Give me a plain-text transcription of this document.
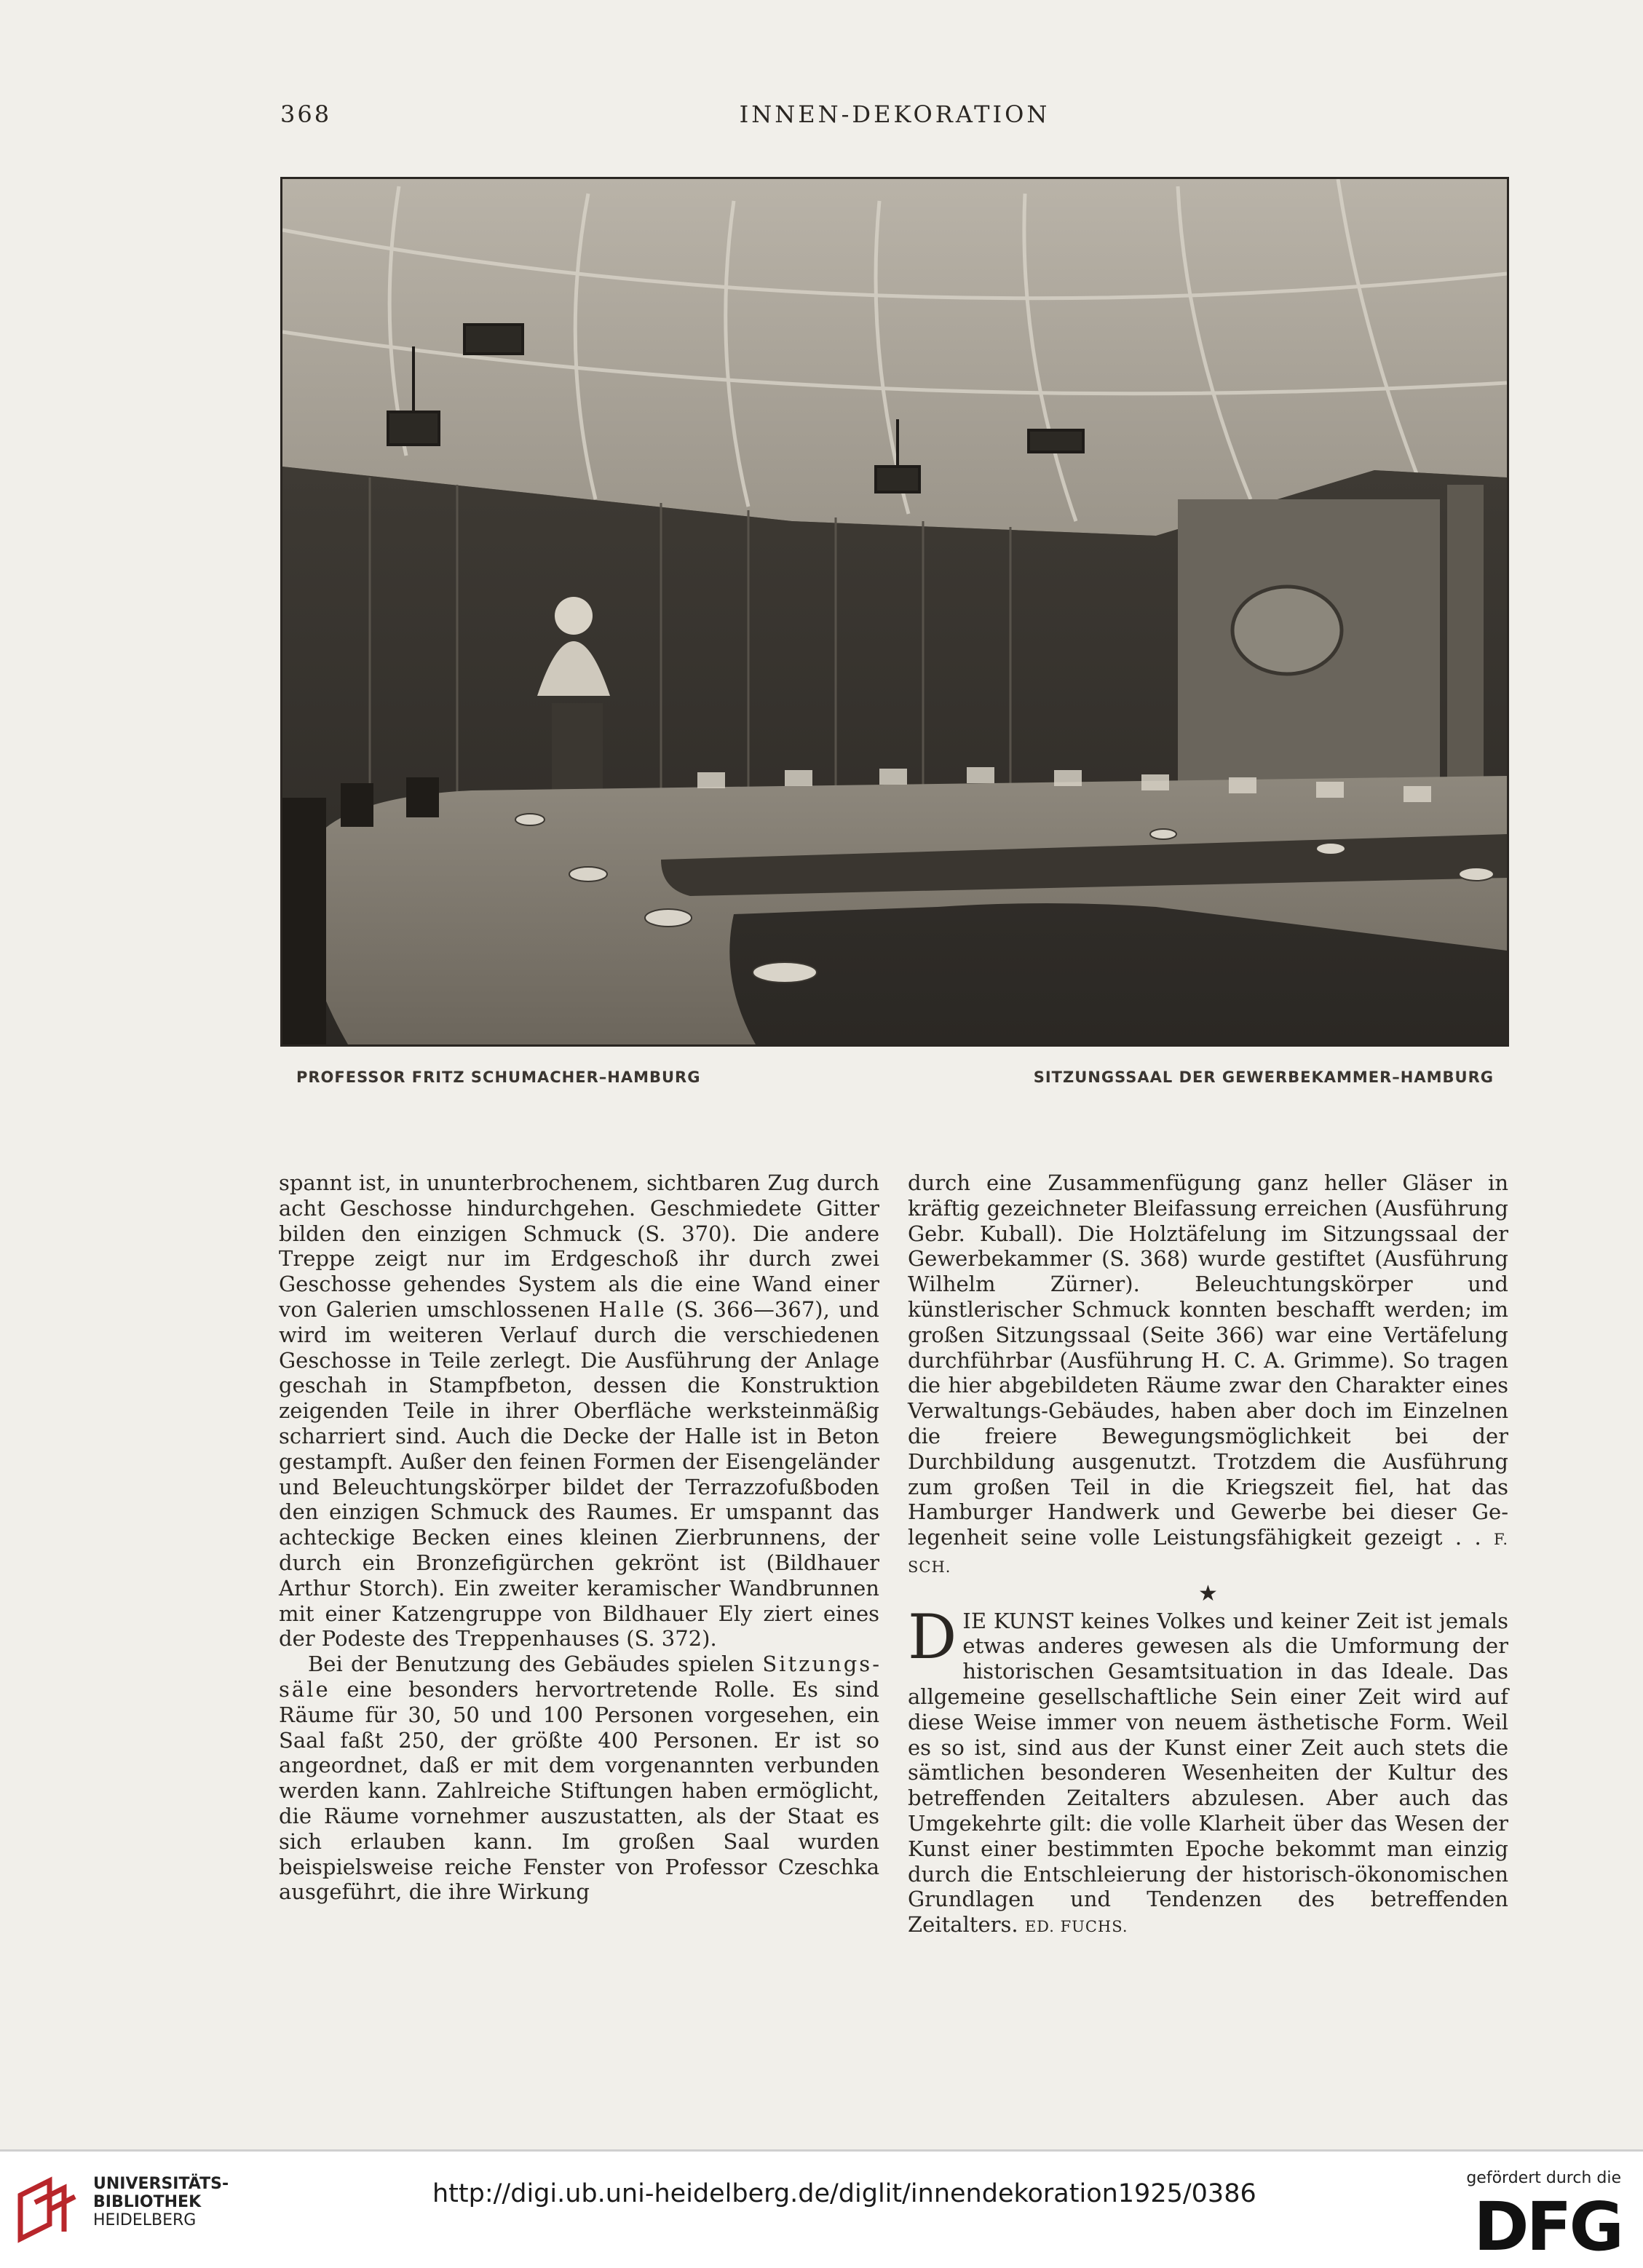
368	INNEN-DEKORATION
PROFESSOR FRITZ SCHUMACHER–HAMBURG	SITZUNGSSAAL DER GEWERBEKAMMER–HAMBURG

spannt ist, in ununterbrochenem, sichtbaren Zug durch acht Geschosse hindurchgehen. Geschmiedete Gitter bilden den einzigen Schmuck (S. 370). Die andere Treppe zeigt nur im Erdgeschoß ihr durch zwei Geschosse gehendes System als die eine Wand einer von Galerien umschlossenen Halle (S. 366—367), und wird im weiteren Verlauf durch die verschiedenen Geschosse in Teile zerlegt. Die Ausführung der Anlage geschah in Stampfbeton, dessen die Konstruktion zeigenden Teile in ihrer Oberfläche werksteinmäßig scharriert sind. Auch die Decke der Halle ist in Beton gestampft. Außer den feinen Formen der Eisengeländer und Beleuchtungskörper bildet der Terrazzofußboden den einzigen Schmuck des Raumes. Er umspannt das achteckige Becken eines kleinen Zierbrunnens, der durch ein Bronzefigürchen gekrönt ist (Bildhauer Arthur Storch). Ein zweiter keramischer Wandbrunnen mit einer Katzengruppe von Bildhauer Ely ziert eines der Podeste des Treppenhauses (S. 372).

Bei der Benutzung des Gebäudes spielen Sitzungssäle eine besonders hervortretende Rolle. Es sind Räume für 30, 50 und 100 Personen vorgesehen, ein Saal faßt 250, der größte 400 Personen. Er ist so angeordnet, daß er mit dem vorgenannten verbunden werden kann. Zahlreiche Stiftungen haben ermöglicht, die Räume vornehmer auszustatten, als der Staat es sich erlauben kann. Im großen Saal wurden beispielsweise reiche Fenster von Professor Czeschka ausgeführt, die ihre Wirkung

durch eine Zusammenfügung ganz heller Gläser in kräftig gezeichneter Bleifassung erreichen (Ausführung Gebr. Kuball). Die Holztäfelung im Sitzungssaal der Gewerbekammer (S. 368) wurde gestiftet (Ausführung Wilhelm Zürner). Beleuchtungskörper und künstlerischer Schmuck konnten beschafft werden; im großen Sitzungssaal (Seite 366) war eine Vertäfelung durchführbar (Ausführung H. C. A. Grimme). So tragen die hier abgebildeten Räume zwar den Charakter eines Verwaltungs-Gebäudes, haben aber doch im Einzelnen die freiere Bewegungsmöglichkeit bei der Durchbildung ausgenutzt. Trotzdem die Ausführung zum großen Teil in die Kriegszeit fiel, hat das Hamburger Handwerk und Gewerbe bei dieser Gelegenheit seine volle Leistungsfähigkeit gezeigt . . F. SCH.

★

DIE KUNST keines Volkes und keiner Zeit ist jemals etwas anderes gewesen als die Umformung der historischen Gesamtsituation in das Ideale. Das allgemeine gesellschaftliche Sein einer Zeit wird auf diese Weise immer von neuem ästhetische Form. Weil es so ist, sind aus der Kunst einer Zeit auch stets die sämtlichen besonderen Wesenheiten der Kultur des betreffenden Zeitalters abzulesen. Aber auch das Umgekehrte gilt: die volle Klarheit über das Wesen der Kunst einer bestimmten Epoche bekommt man einzig durch die Entschleierung der historisch-ökonomischen Grundlagen und Tendenzen des betreffenden Zeitalters. ED. FUCHS.

UNIVERSITÄTS-
BIBLIOTHEK
HEIDELBERG
http://digi.ub.uni-heidelberg.de/diglit/innendekoration1925/0386
gefördert durch die
DFG
